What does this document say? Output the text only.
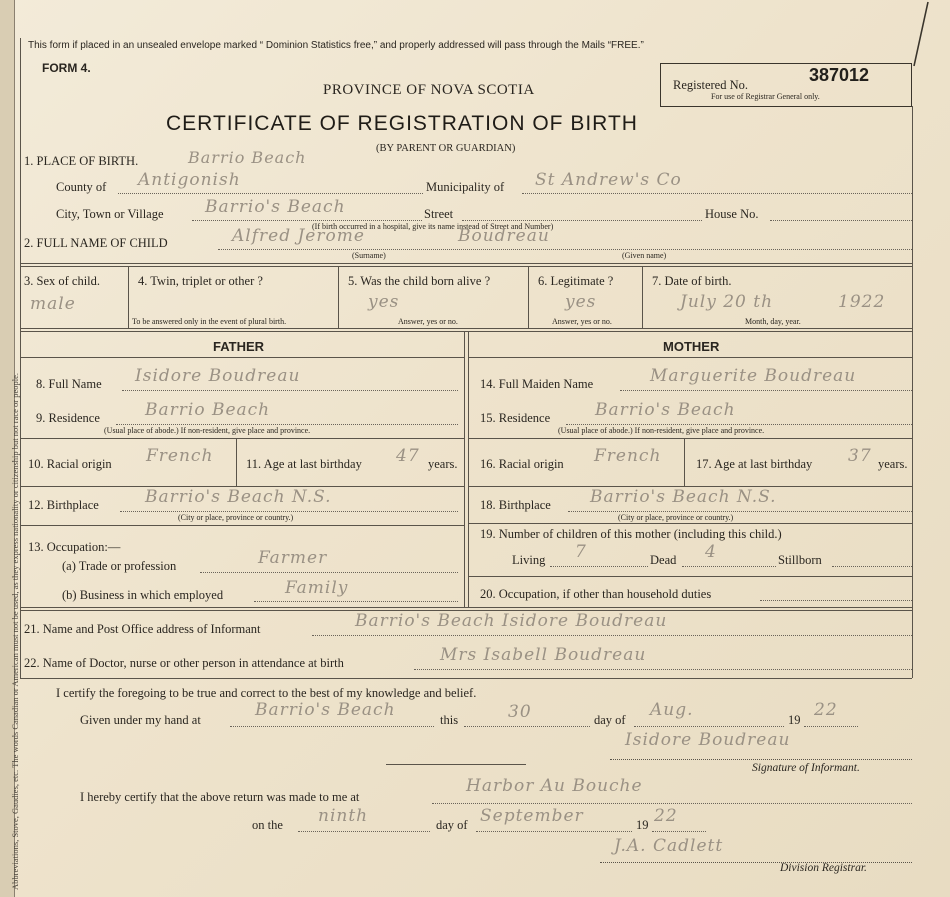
Abbreviations, Stove, Gaudies, etc. The words Canadian or American must not be used, as they express nationality or citizenship but not race or people.
This form if placed in an unsealed envelope marked “ Dominion Statistics free,” and properly addressed will pass through the Mails “FREE.”
FORM 4.
PROVINCE OF NOVA SCOTIA	Registered No.	387012
For use of Registrar General only.
CERTIFICATE OF REGISTRATION OF BIRTH
(BY PARENT OR GUARDIAN)
1. PLACE OF BIRTH.	Barrio Beach
County of Antigonish	Municipality of St Andrew's Co
City, Town or Village Barrio's Beach	Street	House No.
(If birth occurred in a hospital, give its name instead of Street and Number)
2. FULL NAME OF CHILD	Alfred Jerome	Boudreau
(Surname)	(Given name)
3. Sex of child.
male
4. Twin, triplet or other ?
To be answered only in the event of plural birth.
5. Was the child born alive ?
yes
Answer, yes or no.
6. Legitimate ?
yes
Answer, yes or no.
7. Date of birth.
July 20 th	1922
Month, day, year.
FATHER	MOTHER
8. Full Name Isidore Boudreau
9. Residence	Barrio Beach
(Usual place of abode.) If non-resident, give place and province.
10. Racial origin French	11. Age at last birthday 47 years.
12. Birthplace	Barrio's Beach N.S.
(City or place, province or country.)
13. Occupation:—
(a) Trade or profession	Farmer
(b) Business in which employed	Family
14. Full Maiden Name	Marguerite Boudreau
15. Residence	Barrio's Beach
(Usual place of abode.) If non-resident, give place and province.
16. Racial origin French	17. Age at last birthday 37 years.
18. Birthplace Barrio's Beach N.S.
(City or place, province or country.)
19. Number of children of this mother (including this child.)
Living 7	Dead 4	Stillborn
20. Occupation, if other than household duties
21. Name and Post Office address of Informant	Barrio's Beach Isidore Boudreau
22. Name of Doctor, nurse or other person in attendance at birth	Mrs Isabell Boudreau
I certify the foregoing to be true and correct to the best of my knowledge and belief.
Given under my hand at	Barrio's Beach	this	30	day of Aug.	19 22
Isidore Boudreau
Signature of Informant.
I hereby certify that the above return was made to me at
Harbor Au Bouche
on the ninth	day of September	19 22
J.A. Cadlett
Division Registrar.
